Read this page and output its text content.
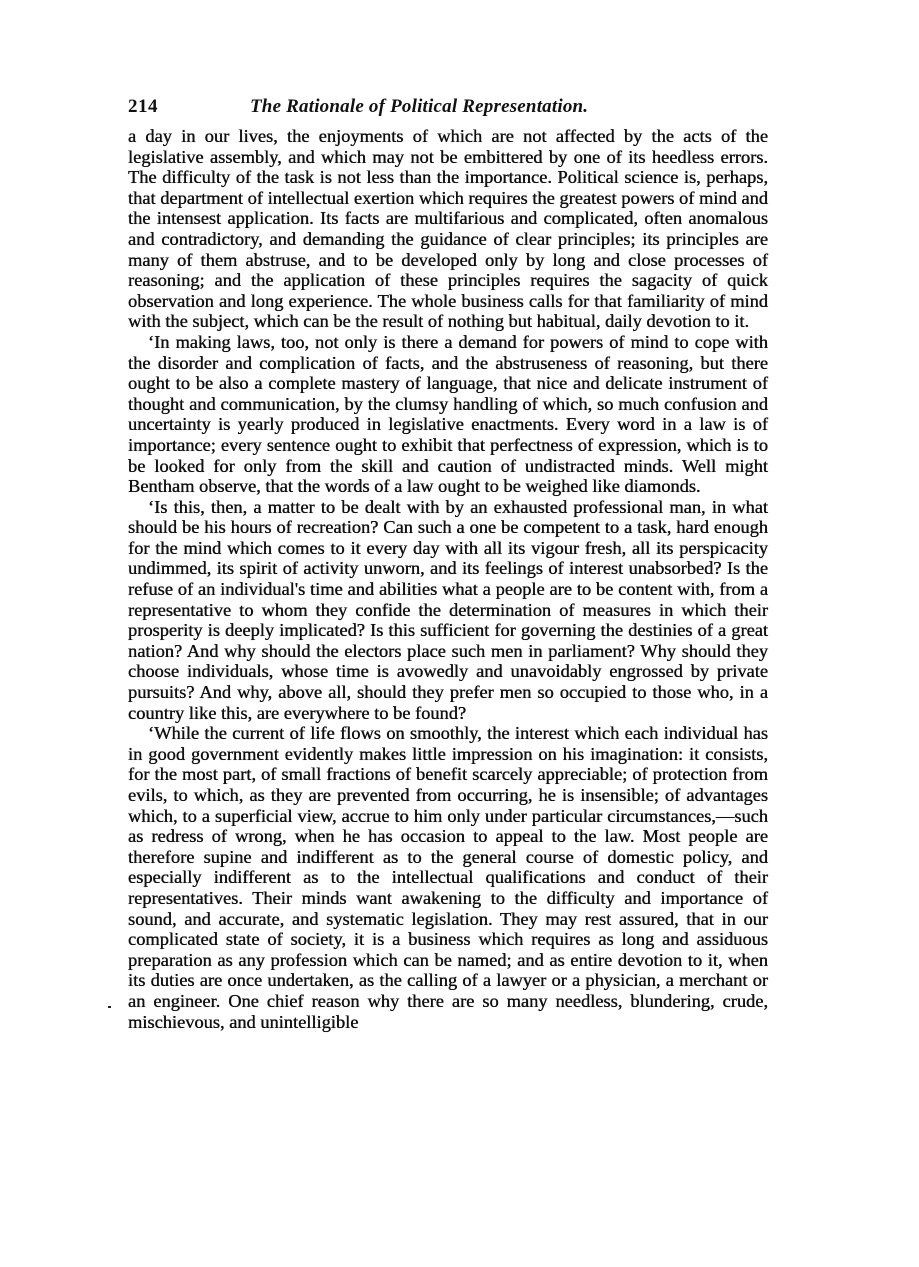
214	The Rationale of Political Representation.

a day in our lives, the enjoyments of which are not affected by the acts of the legislative assembly, and which may not be embittered by one of its heedless errors. The difficulty of the task is not less than the importance. Political science is, perhaps, that department of intellectual exertion which requires the greatest powers of mind and the intensest application. Its facts are multifarious and complicated, often anomalous and contradictory, and demanding the guidance of clear principles; its principles are many of them abstruse, and to be developed only by long and close processes of reasoning; and the application of these principles requires the sagacity of quick observation and long experience. The whole business calls for that familiarity of mind with the subject, which can be the result of nothing but habitual, daily devotion to it.

‘In making laws, too, not only is there a demand for powers of mind to cope with the disorder and complication of facts, and the abstruseness of reasoning, but there ought to be also a complete mastery of language, that nice and delicate instrument of thought and communication, by the clumsy handling of which, so much confusion and uncertainty is yearly produced in legislative enactments. Every word in a law is of importance; every sentence ought to exhibit that perfectness of expression, which is to be looked for only from the skill and caution of undistracted minds. Well might Bentham observe, that the words of a law ought to be weighed like diamonds.

‘Is this, then, a matter to be dealt with by an exhausted professional man, in what should be his hours of recreation? Can such a one be competent to a task, hard enough for the mind which comes to it every day with all its vigour fresh, all its perspicacity undimmed, its spirit of activity unworn, and its feelings of interest unabsorbed? Is the refuse of an individual's time and abilities what a people are to be content with, from a representative to whom they confide the determination of measures in which their prosperity is deeply implicated? Is this sufficient for governing the destinies of a great nation? And why should the electors place such men in parliament? Why should they choose individuals, whose time is avowedly and unavoidably engrossed by private pursuits? And why, above all, should they prefer men so occupied to those who, in a country like this, are everywhere to be found?

‘While the current of life flows on smoothly, the interest which each individual has in good government evidently makes little impression on his imagination: it consists, for the most part, of small fractions of benefit scarcely appreciable; of protection from evils, to which, as they are prevented from occurring, he is insensible; of advantages which, to a superficial view, accrue to him only under particular circumstances,—such as redress of wrong, when he has occasion to appeal to the law. Most people are therefore supine and indifferent as to the general course of domestic policy, and especially indifferent as to the intellectual qualifications and conduct of their representatives. Their minds want awakening to the difficulty and importance of sound, and accurate, and systematic legislation. They may rest assured, that in our complicated state of society, it is a business which requires as long and assiduous preparation as any profession which can be named; and as entire devotion to it, when its duties are once undertaken, as the calling of a lawyer or a physician, a merchant or an engineer. One chief reason why there are so many needless, blundering, crude, mischievous, and unintelligible
